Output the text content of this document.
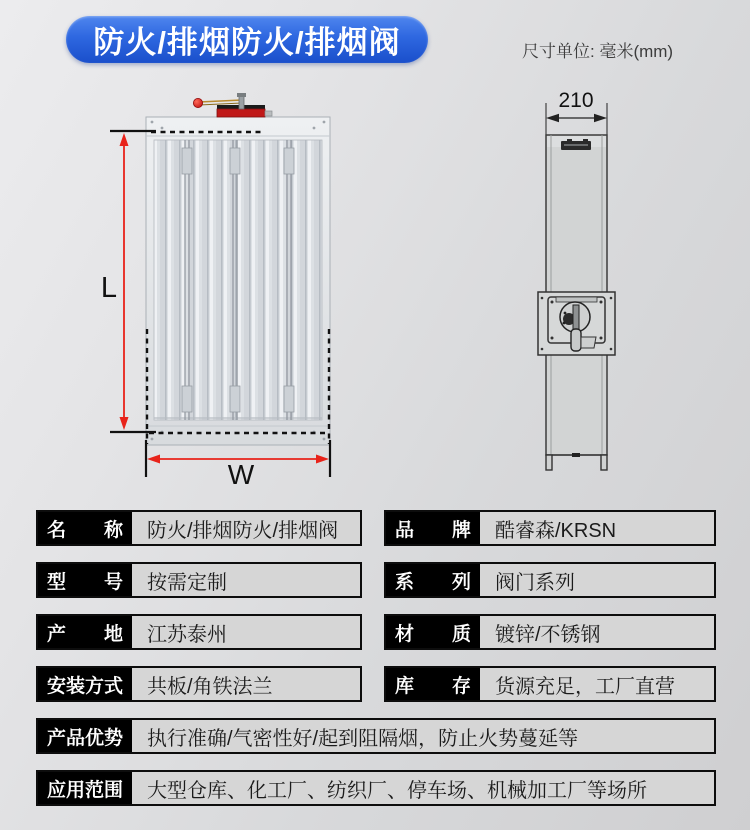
防火/排烟防火/排烟阀	尺寸单位: 毫米(mm)
L
W
210
名　　称	防火/排烟防火/排烟阀	品　　牌	酷睿森/KRSN
型　　号	按需定制	系　　列	阀门系列
产　　地	江苏泰州	材　　质	镀锌/不锈钢
安装方式	共板/角铁法兰	库　　存	货源充足，工厂直营
产品优势	执行准确/气密性好/起到阻隔烟，防止火势蔓延等
应用范围	大型仓库、化工厂、纺织厂、停车场、机械加工厂等场所
